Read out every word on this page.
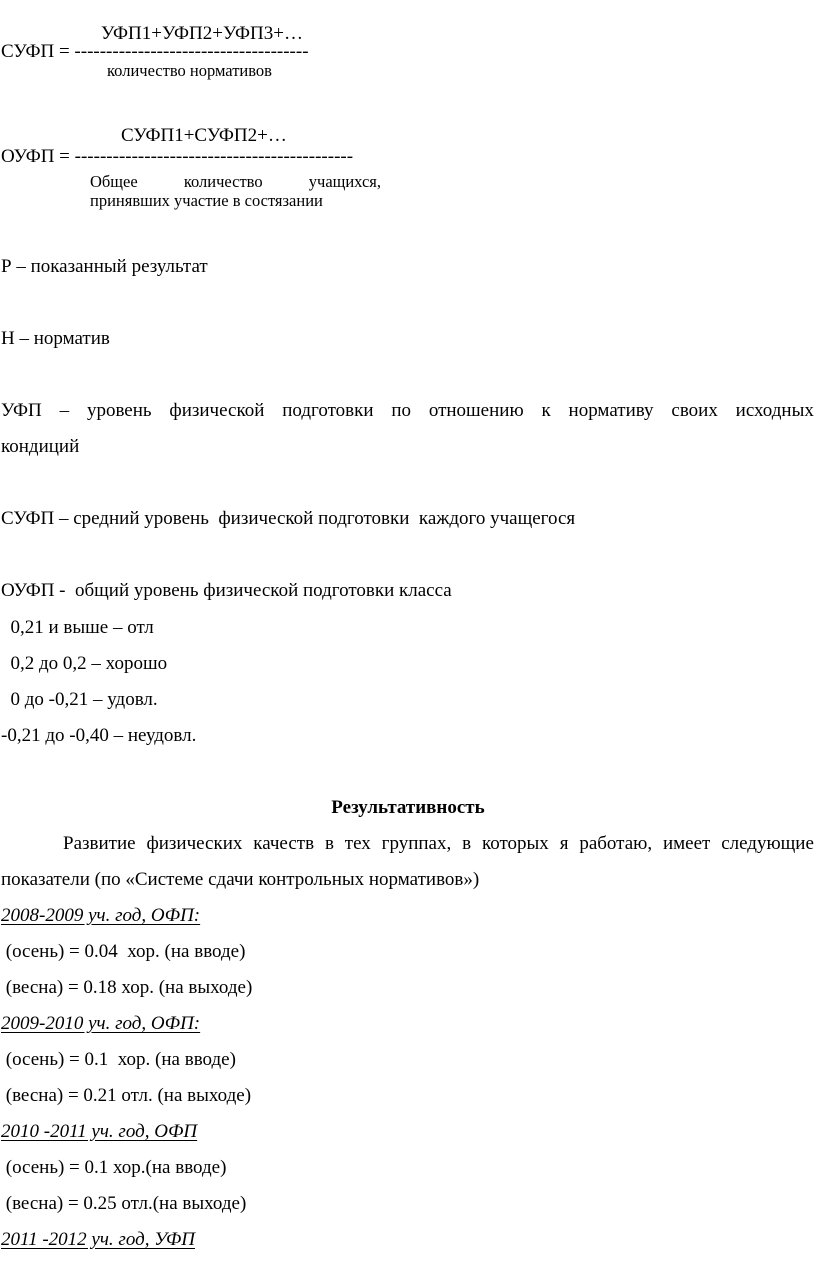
УФП1+УФП2+УФП3+…
СУФП = -------------------------------------
количество нормативов
СУФП1+СУФП2+…
ОУФП = --------------------------------------------
Общее	количество	учащихся,
принявших участие в состязании
Р – показанный результат
Н – норматив
УФП – уровень физической подготовки по отношению к нормативу своих исходных
кондиций
СУФП – средний уровень  физической подготовки  каждого учащегося
ОУФП -  общий уровень физической подготовки класса
0,21 и выше – отл
0,2 до 0,2 – хорошо
0 до -0,21 – удовл.
-0,21 до -0,40 – неудовл.
Результативность
Развитие физических качеств в тех группах, в которых я работаю, имеет следующие
показатели (по «Системе сдачи контрольных нормативов»)
2008-2009 уч. год, ОФП:
(осень) = 0.04  хор. (на вводе)
(весна) = 0.18 хор. (на выходе)
2009-2010 уч. год, ОФП:
(осень) = 0.1  хор. (на вводе)
(весна) = 0.21 отл. (на выходе)
2010 -2011 уч. год, ОФП
(осень) = 0.1 хор.(на вводе)
(весна) = 0.25 отл.(на выходе)
2011 -2012 уч. год, УФП
